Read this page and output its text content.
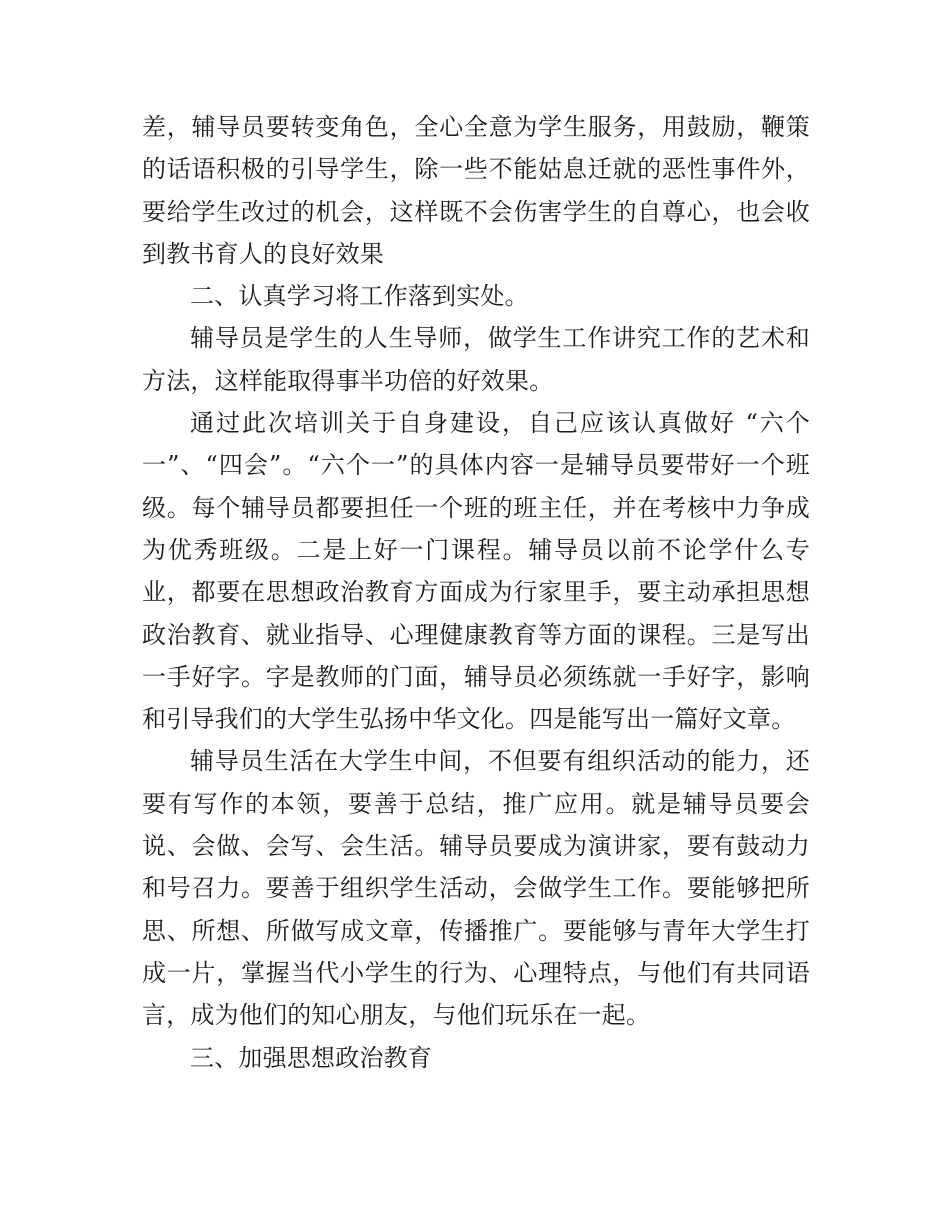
差，辅导员要转变角色，全心全意为学生服务，用鼓励，鞭策的话语积极的引导学生，除一些不能姑息迁就的恶性事件外，要给学生改过的机会，这样既不会伤害学生的自尊心，也会收到教书育人的良好效果

二、认真学习将工作落到实处。

辅导员是学生的人生导师，做学生工作讲究工作的艺术和方法，这样能取得事半功倍的好效果。

通过此次培训关于自身建设，自己应该认真做好 “六个一”、“四会”。“六个一”的具体内容一是辅导员要带好一个班级。每个辅导员都要担任一个班的班主任，并在考核中力争成为优秀班级。二是上好一门课程。辅导员以前不论学什么专业，都要在思想政治教育方面成为行家里手，要主动承担思想政治教育、就业指导、心理健康教育等方面的课程。三是写出一手好字。字是教师的门面，辅导员必须练就一手好字，影响和引导我们的大学生弘扬中华文化。四是能写出一篇好文章。

辅导员生活在大学生中间，不但要有组织活动的能力，还要有写作的本领，要善于总结，推广应用。就是辅导员要会说、会做、会写、会生活。辅导员要成为演讲家，要有鼓动力和号召力。要善于组织学生活动，会做学生工作。要能够把所思、所想、所做写成文章，传播推广。要能够与青年大学生打成一片，掌握当代小学生的行为、心理特点，与他们有共同语言，成为他们的知心朋友，与他们玩乐在一起。

三、加强思想政治教育
